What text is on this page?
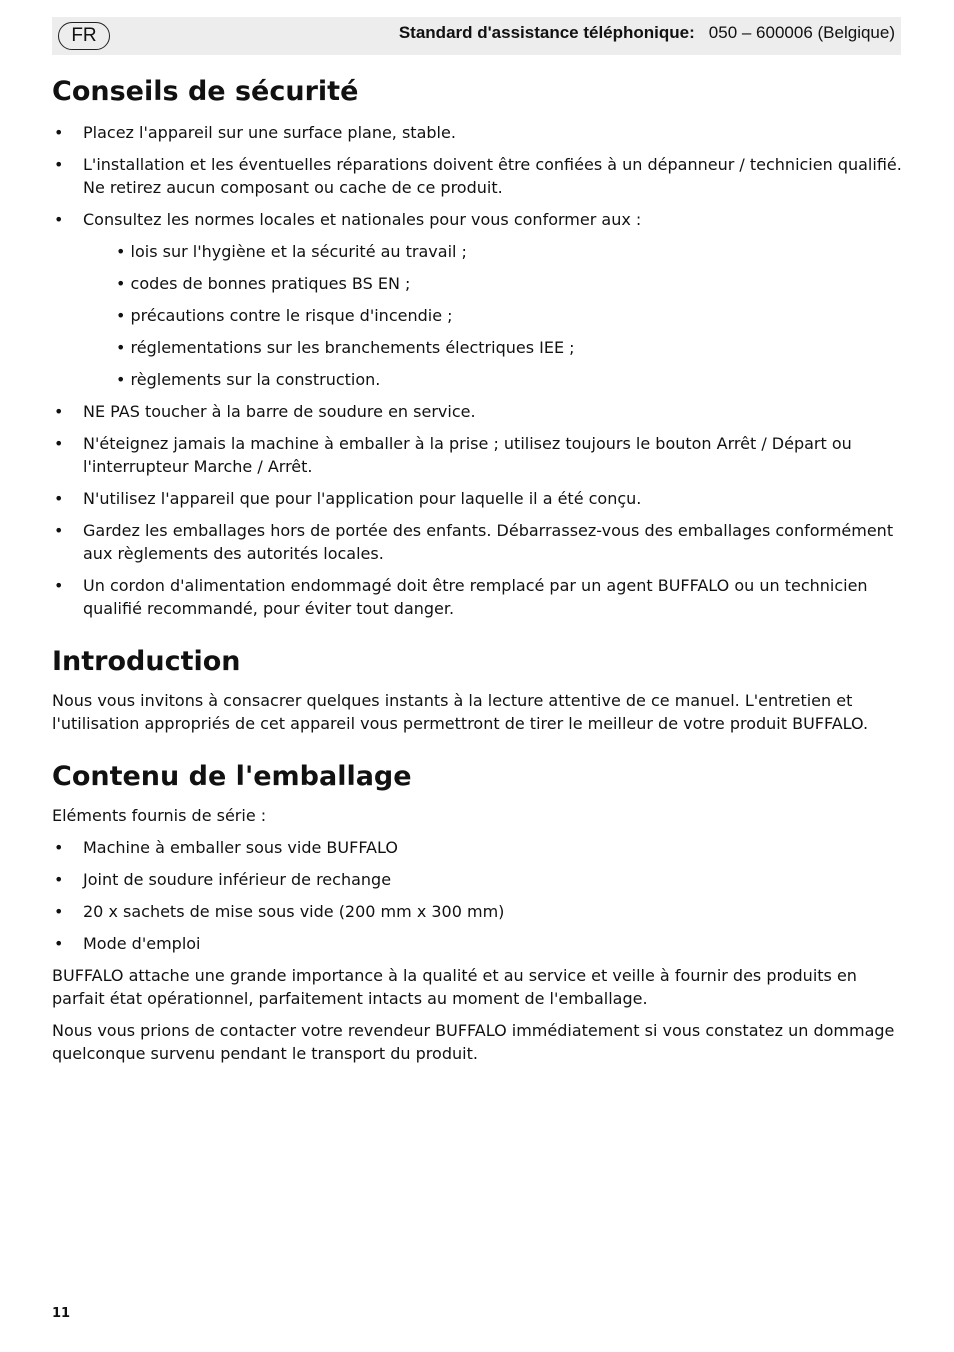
FR	Standard d'assistance téléphonique: 050 – 600006 (Belgique)
Conseils de sécurité
• Placez l'appareil sur une surface plane, stable.
• L'installation et les éventuelles réparations doivent être confiées à un dépanneur / technicien qualifié. Ne retirez aucun composant ou cache de ce produit.
• Consultez les normes locales et nationales pour vous conformer aux :
• lois sur l'hygiène et la sécurité au travail ;
• codes de bonnes pratiques BS EN ;
• précautions contre le risque d'incendie ;
• réglementations sur les branchements électriques IEE ;
• règlements sur la construction.
• NE PAS toucher à la barre de soudure en service.
• N'éteignez jamais la machine à emballer à la prise ; utilisez toujours le bouton Arrêt / Départ ou l'interrupteur Marche / Arrêt.
• N'utilisez l'appareil que pour l'application pour laquelle il a été conçu.
• Gardez les emballages hors de portée des enfants. Débarrassez-vous des emballages conformément aux règlements des autorités locales.
• Un cordon d'alimentation endommagé doit être remplacé par un agent BUFFALO ou un technicien qualifié recommandé, pour éviter tout danger.
Introduction

Nous vous invitons à consacrer quelques instants à la lecture attentive de ce manuel. L'entretien et l'utilisation appropriés de cet appareil vous permettront de tirer le meilleur de votre produit BUFFALO.

Contenu de l'emballage

Eléments fournis de série :

• Machine à emballer sous vide BUFFALO
• Joint de soudure inférieur de rechange
• 20 x sachets de mise sous vide (200 mm x 300 mm)
• Mode d'emploi

BUFFALO attache une grande importance à la qualité et au service et veille à fournir des produits en parfait état opérationnel, parfaitement intacts au moment de l'emballage.

Nous vous prions de contacter votre revendeur BUFFALO immédiatement si vous constatez un dommage quelconque survenu pendant le transport du produit.

11
